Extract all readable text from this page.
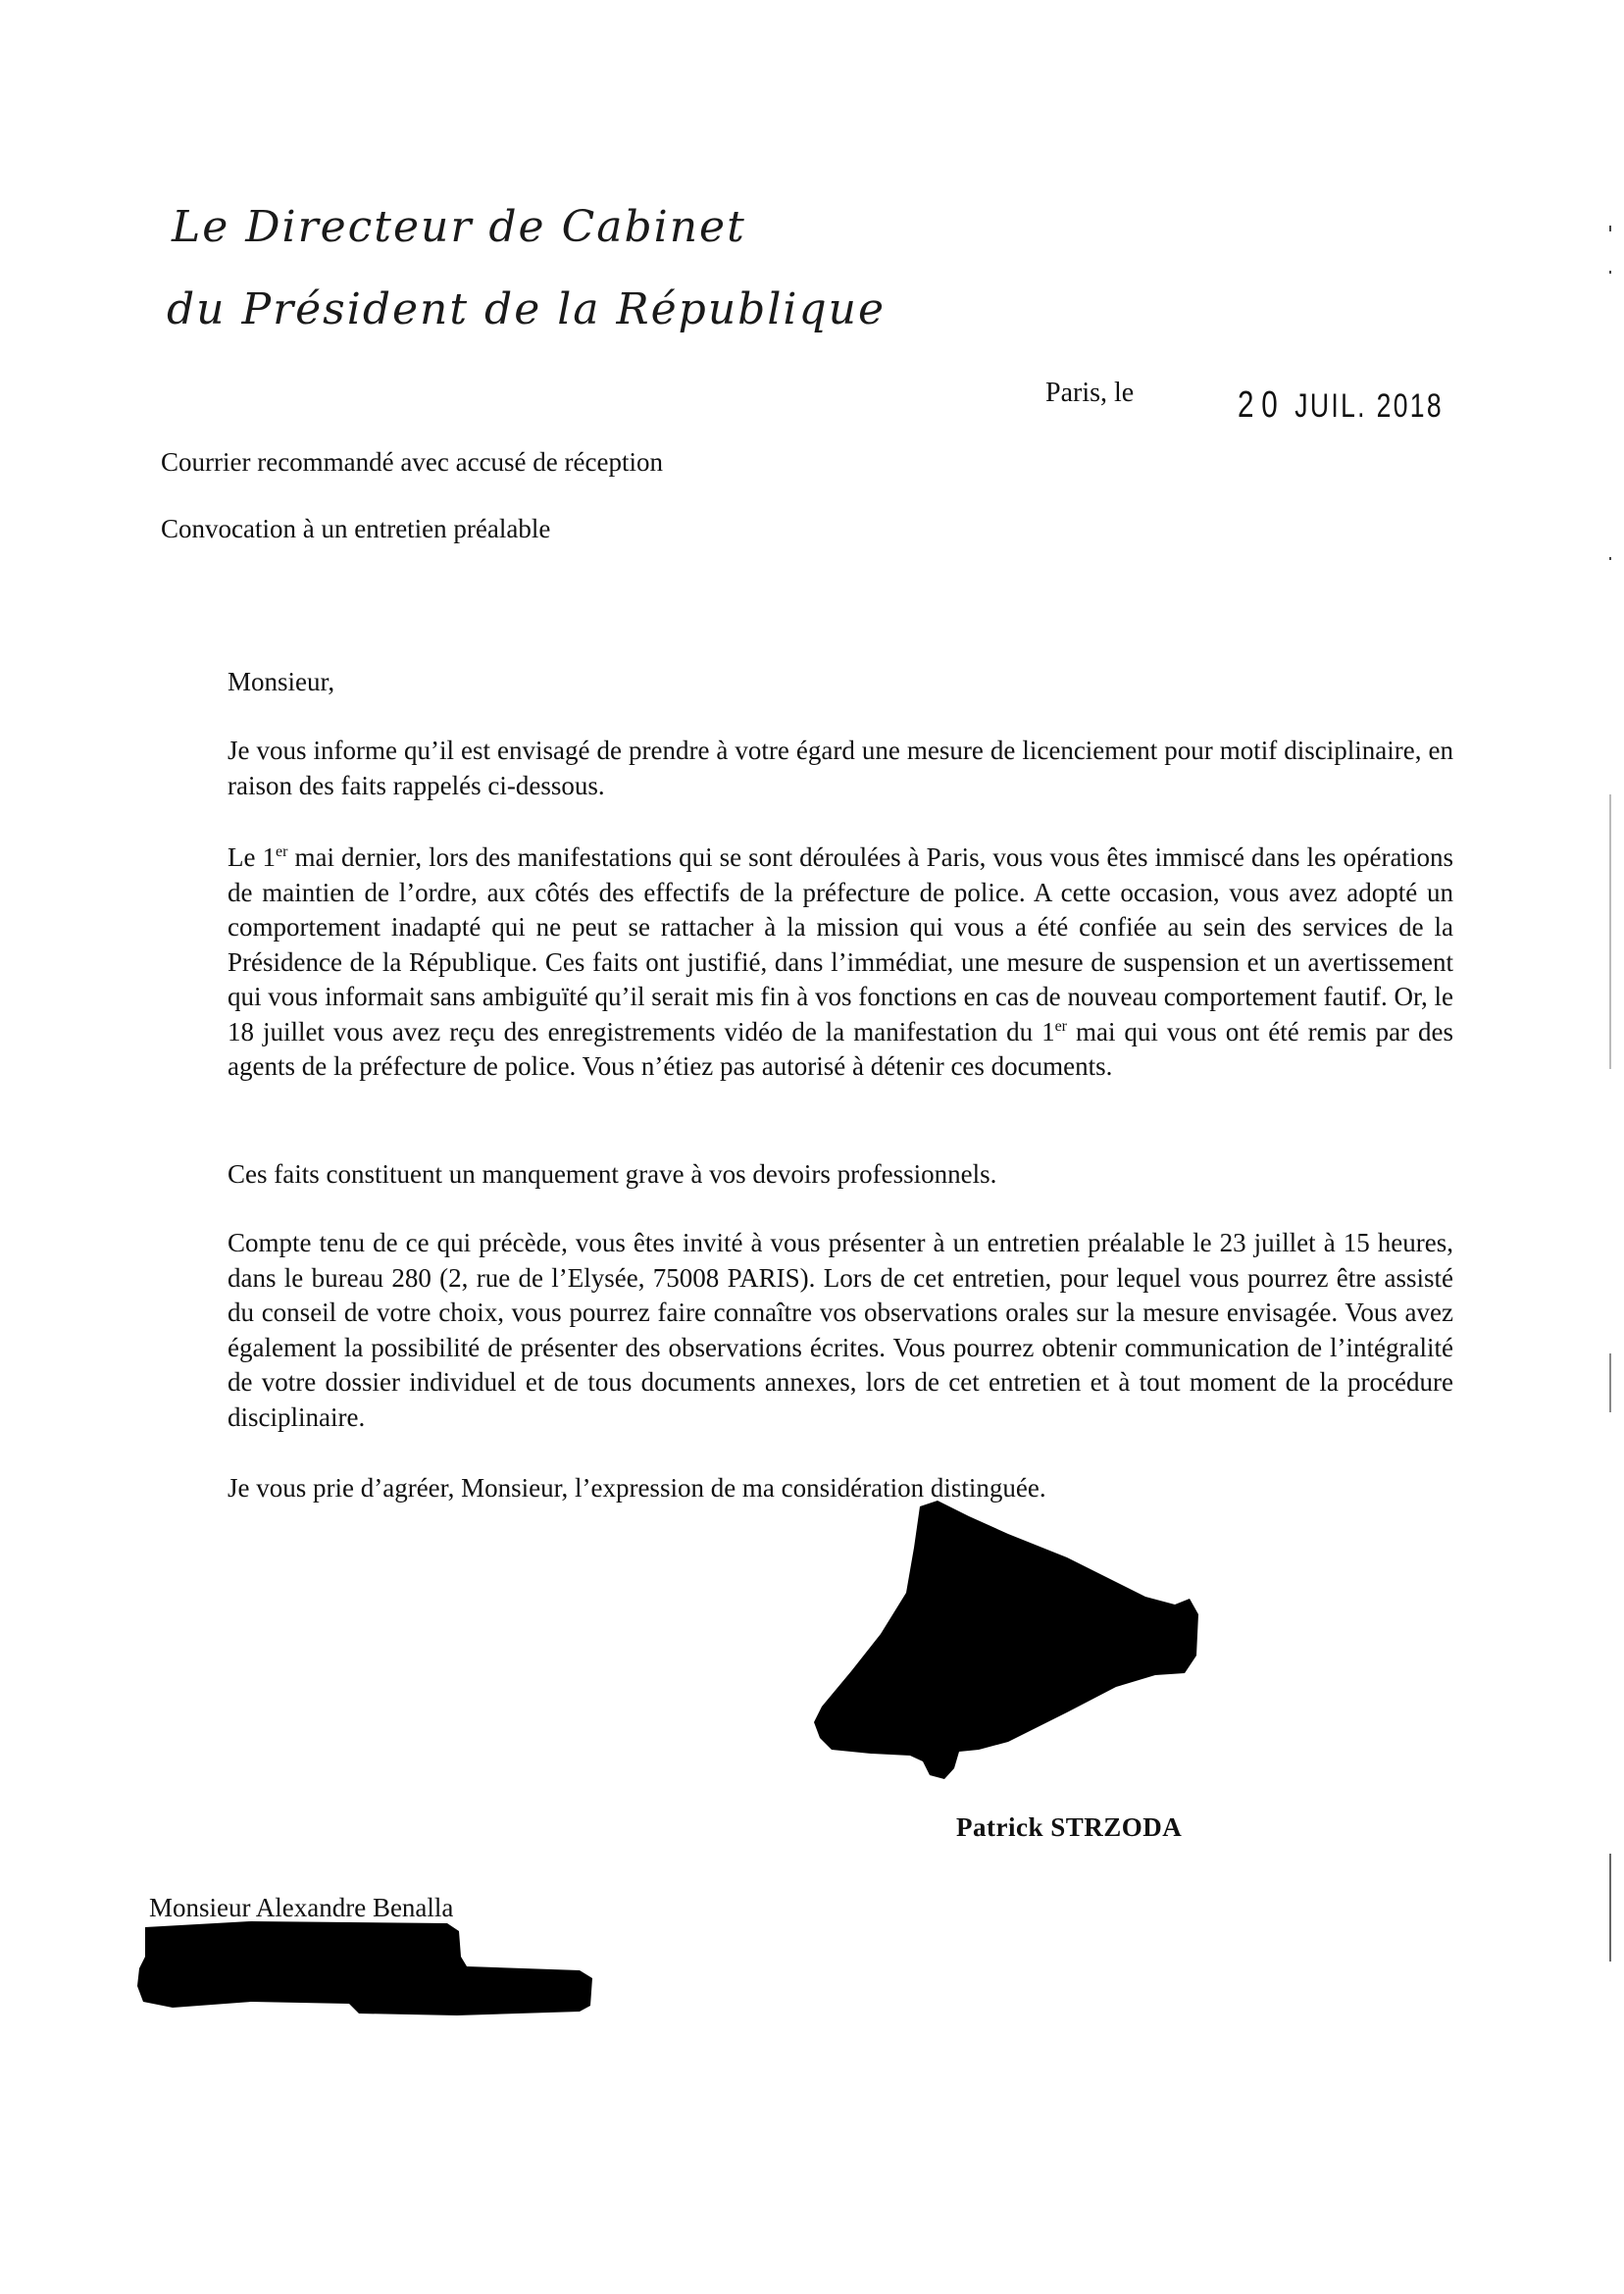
Le Directeur de Cabinet
du Président de la République
Paris, le	20 JUIL. 2018
Courrier recommandé avec accusé de réception
Convocation à un entretien préalable
Monsieur,
Je vous informe qu’il est envisagé de prendre à votre égard une mesure de licenciement pour motif disciplinaire, en raison des faits rappelés ci-dessous.
Le 1er mai dernier, lors des manifestations qui se sont déroulées à Paris, vous vous êtes immiscé dans les opérations de maintien de l’ordre, aux côtés des effectifs de la préfecture de police. A cette occasion, vous avez adopté un comportement inadapté qui ne peut se rattacher à la mission qui vous a été confiée au sein des services de la Présidence de la République. Ces faits ont justifié, dans l’immédiat, une mesure de suspension et un avertissement qui vous informait sans ambiguïté qu’il serait mis fin à vos fonctions en cas de nouveau comportement fautif. Or, le 18 juillet vous avez reçu des enregistrements vidéo de la manifestation du 1er mai qui vous ont été remis par des agents de la préfecture de police. Vous n’étiez pas autorisé à détenir ces documents.
Ces faits constituent un manquement grave à vos devoirs professionnels.
Compte tenu de ce qui précède, vous êtes invité à vous présenter à un entretien préalable le 23 juillet à 15 heures, dans le bureau 280 (2, rue de l’Elysée, 75008 PARIS). Lors de cet entretien, pour lequel vous pourrez être assisté du conseil de votre choix, vous pourrez faire connaître vos observations orales sur la mesure envisagée. Vous avez également la possibilité de présenter des observations écrites. Vous pourrez obtenir communication de l’intégralité de votre dossier individuel et de tous documents annexes, lors de cet entretien et à tout moment de la procédure disciplinaire.
Je vous prie d’agréer, Monsieur, l’expression de ma considération distinguée.
Patrick STRZODA
Monsieur Alexandre Benalla
